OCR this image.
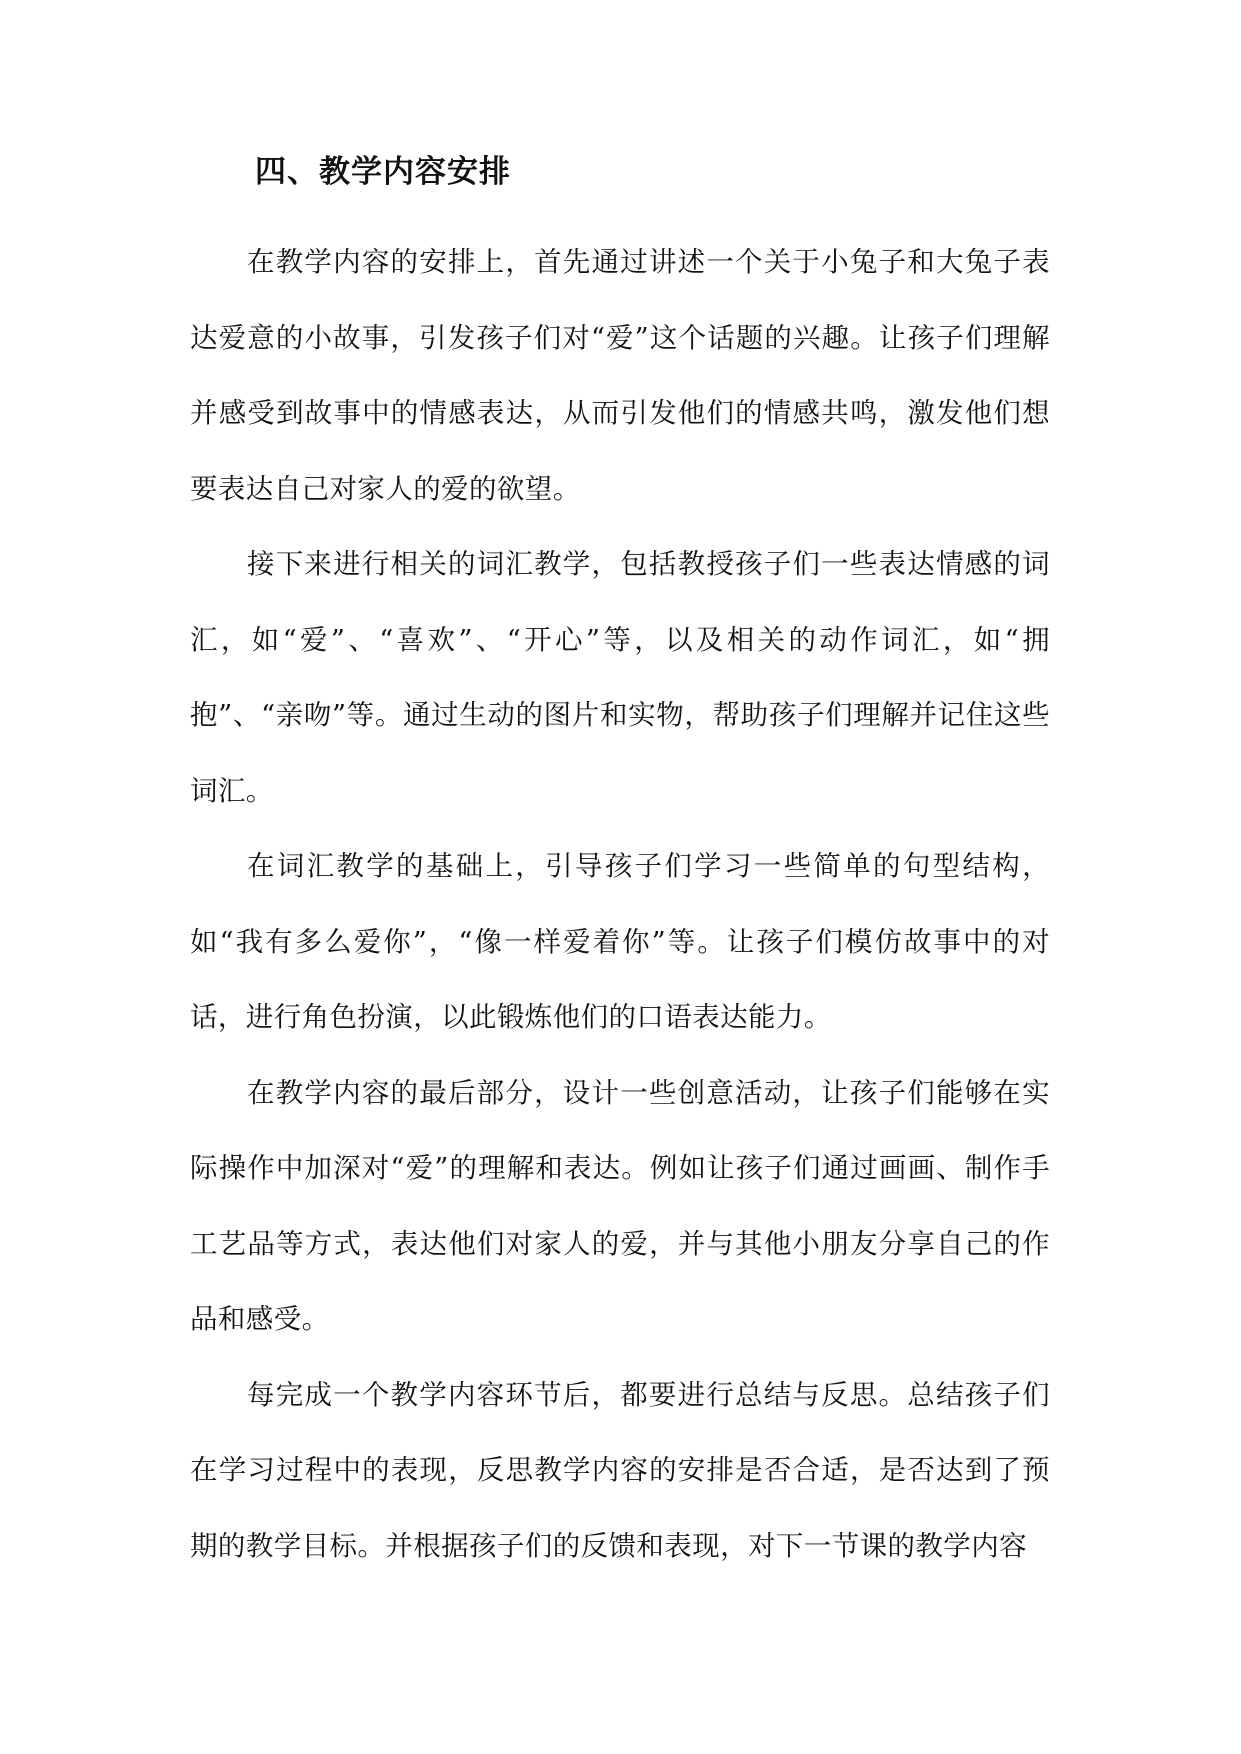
四、教学内容安排

在教学内容的安排上，首先通过讲述一个关于小兔子和大兔子表达爱意的小故事，引发孩子们对“爱”这个话题的兴趣。让孩子们理解并感受到故事中的情感表达，从而引发他们的情感共鸣，激发他们想要表达自己对家人的爱的欲望。

接下来进行相关的词汇教学，包括教授孩子们一些表达情感的词汇，如“爱”、“喜欢”、“开心”等，以及相关的动作词汇，如“拥抱”、“亲吻”等。通过生动的图片和实物，帮助孩子们理解并记住这些词汇。

在词汇教学的基础上，引导孩子们学习一些简单的句型结构，如“我有多么爱你”，“像一样爱着你”等。让孩子们模仿故事中的对话，进行角色扮演，以此锻炼他们的口语表达能力。

在教学内容的最后部分，设计一些创意活动，让孩子们能够在实际操作中加深对“爱”的理解和表达。例如让孩子们通过画画、制作手工艺品等方式，表达他们对家人的爱，并与其他小朋友分享自己的作品和感受。

每完成一个教学内容环节后，都要进行总结与反思。总结孩子们在学习过程中的表现，反思教学内容的安排是否合适，是否达到了预期的教学目标。并根据孩子们的反馈和表现，对下一节课的教学内容
